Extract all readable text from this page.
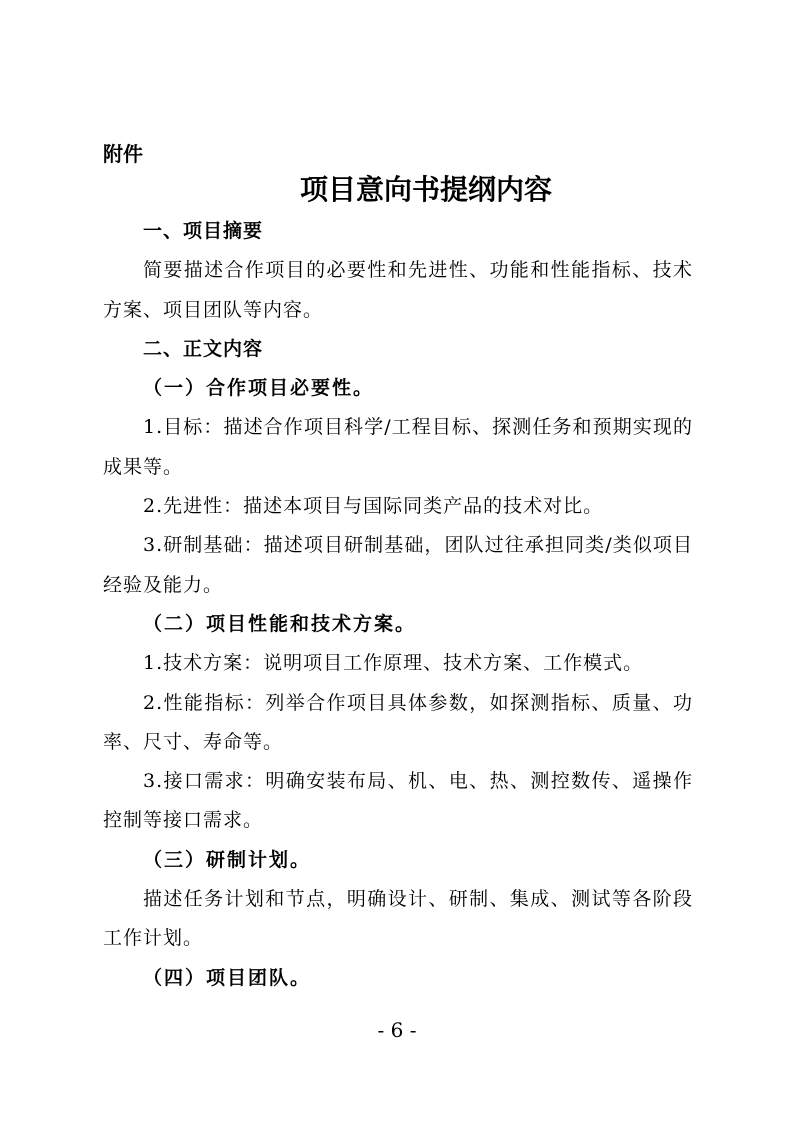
附件
项目意向书提纲内容

一、项目摘要

简要描述合作项目的必要性和先进性、功能和性能指标、技术方案、项目团队等内容。

二、正文内容

（一）合作项目必要性。

1.目标：描述合作项目科学/工程目标、探测任务和预期实现的成果等。

2.先进性：描述本项目与国际同类产品的技术对比。

3.研制基础：描述项目研制基础，团队过往承担同类/类似项目经验及能力。

（二）项目性能和技术方案。

1.技术方案：说明项目工作原理、技术方案、工作模式。

2.性能指标：列举合作项目具体参数，如探测指标、质量、功率、尺寸、寿命等。

3.接口需求：明确安装布局、机、电、热、测控数传、遥操作控制等接口需求。

（三）研制计划。

描述任务计划和节点，明确设计、研制、集成、测试等各阶段工作计划。

（四）项目团队。

- 6 -
